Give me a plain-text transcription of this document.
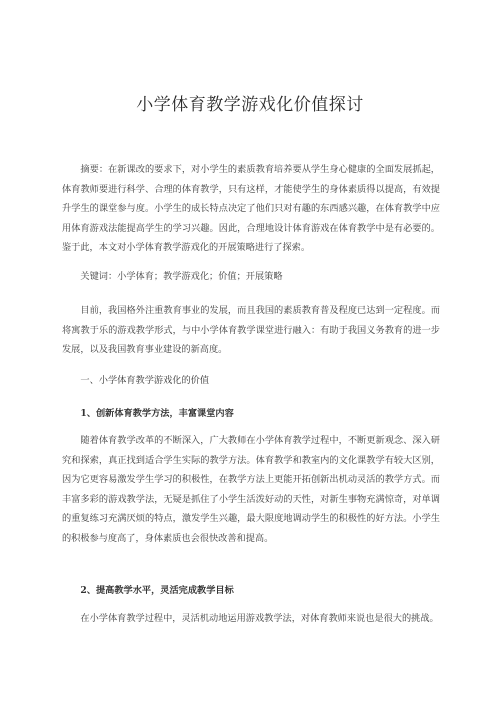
小学体育教学游戏化价值探讨

摘要：在新课改的要求下，对小学生的素质教育培养要从学生身心健康的全面发展抓起，体育教师要进行科学、合理的体育教学，只有这样，才能使学生的身体素质得以提高，有效提升学生的课堂参与度。小学生的成长特点决定了他们只对有趣的东西感兴趣，在体育教学中应用体育游戏法能提高学生的学习兴趣。因此，合理地设计体育游戏在体育教学中是有必要的。鉴于此，本文对小学体育教学游戏化的开展策略进行了探索。

关键词：小学体育；教学游戏化；价值；开展策略

目前，我国格外注重教育事业的发展，而且我国的素质教育普及程度已达到一定程度。而将寓教于乐的游戏教学形式，与中小学体育教学课堂进行融入：有助于我国义务教育的进一步发展，以及我国教育事业建设的新高度。

一、小学体育教学游戏化的价值

1、创新体育教学方法，丰富课堂内容

随着体育教学改革的不断深入，广大教师在小学体育教学过程中，不断更新观念、深入研究和探索，真正找到适合学生实际的教学方法。体育教学和教室内的文化课教学有较大区别，因为它更容易激发学生学习的积极性，在教学方法上更能开拓创新出机动灵活的教学方式。而丰富多彩的游戏教学法，无疑是抓住了小学生活泼好动的天性，对新生事物充满惊奇，对单调的重复练习充满厌烦的特点，激发学生兴趣，最大限度地调动学生的积极性的好方法。小学生的积极参与度高了，身体素质也会很快改善和提高。

2、提高教学水平，灵活完成教学目标

在小学体育教学过程中，灵活机动地运用游戏教学法，对体育教师来说也是很大的挑战。
